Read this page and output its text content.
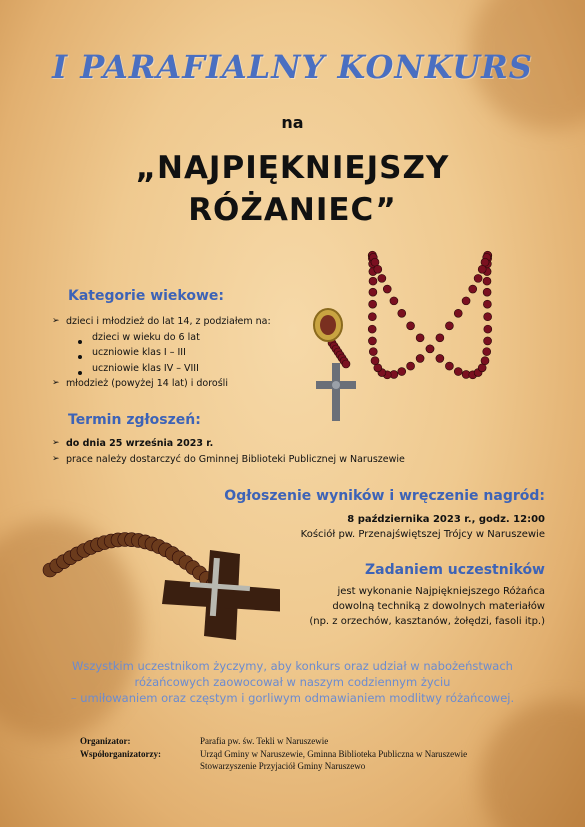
I PARAFIALNY KONKURS
na
„NAJPIĘKNIEJSZY
RÓŻANIEC”
Kategorie wiekowe:
➢ dzieci i młodzież do lat 14, z podziałem na:
dzieci w wieku do 6 lat
uczniowie klas I – III
uczniowie klas IV – VIII
➢ młodzież (powyżej 14 lat) i dorośli
Termin zgłoszeń:
➢ do dnia 25 września 2023 r.
➢ prace należy dostarczyć do Gminnej Biblioteki Publicznej w Naruszewie
Ogłoszenie wyników i wręczenie nagród:
8 października 2023 r., godz. 12:00
Kościół pw. Przenajświętszej Trójcy w Naruszewie
Zadaniem uczestników
jest wykonanie Najpiękniejszego Różańca
dowolną techniką z dowolnych materiałów
(np. z orzechów, kasztanów, żołędzi, fasoli itp.)
Wszystkim uczestnikom życzymy, aby konkurs oraz udział w nabożeństwach
różańcowych zaowocował w naszym codziennym życiu
– umiłowaniem oraz częstym i gorliwym odmawianiem modlitwy różańcowej.
Organizator:	Parafia pw. św. Tekli w Naruszewie
Współorganizatorzy:	Urząd Gminy w Naruszewie, Gminna Biblioteka Publiczna w Naruszewie
Stowarzyszenie Przyjaciół Gminy Naruszewo
